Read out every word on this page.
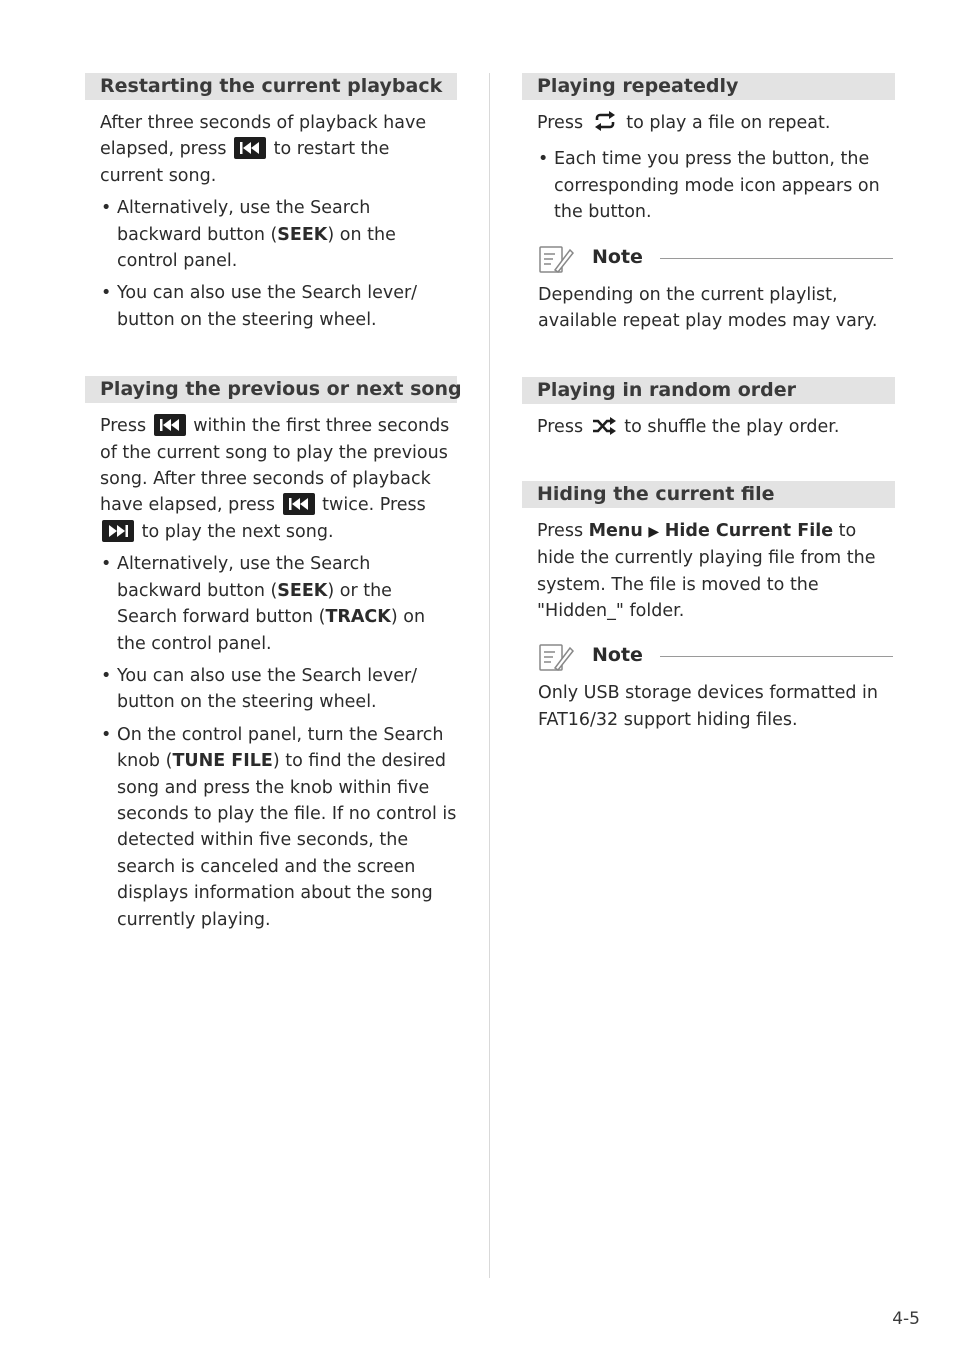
Restarting the current playback

After three seconds of playback have elapsed, press	to restart the current song.

• Alternatively, use the Search backward button (SEEK) on the control panel.
• You can also use the Search lever/ button on the steering wheel.
Playing the previous or next song

Press	within the first three seconds of the current song to play the previous song. After three seconds of playback have elapsed, press	twice. Press
to play the next song.

• Alternatively, use the Search backward button (SEEK) or the Search forward button (TRACK) on the control panel.
• You can also use the Search lever/ button on the steering wheel.
• On the control panel, turn the Search knob (TUNE FILE) to find the desired song and press the knob within five seconds to play the file. If no control is detected within five seconds, the search is canceled and the screen displays information about the song currently playing.
Playing repeatedly

Press to play a file on repeat.

• Each time you press the button, the corresponding mode icon appears on the button.
Note

Depending on the current playlist, available repeat play modes may vary.

Playing in random order

Press to shuffle the play order.

Hiding the current file

Press Menu ▶ Hide Current File to hide the currently playing file from the system. The file is moved to the "Hidden_" folder.

Note

Only USB storage devices formatted in FAT16/32 support hiding files.

4-5
